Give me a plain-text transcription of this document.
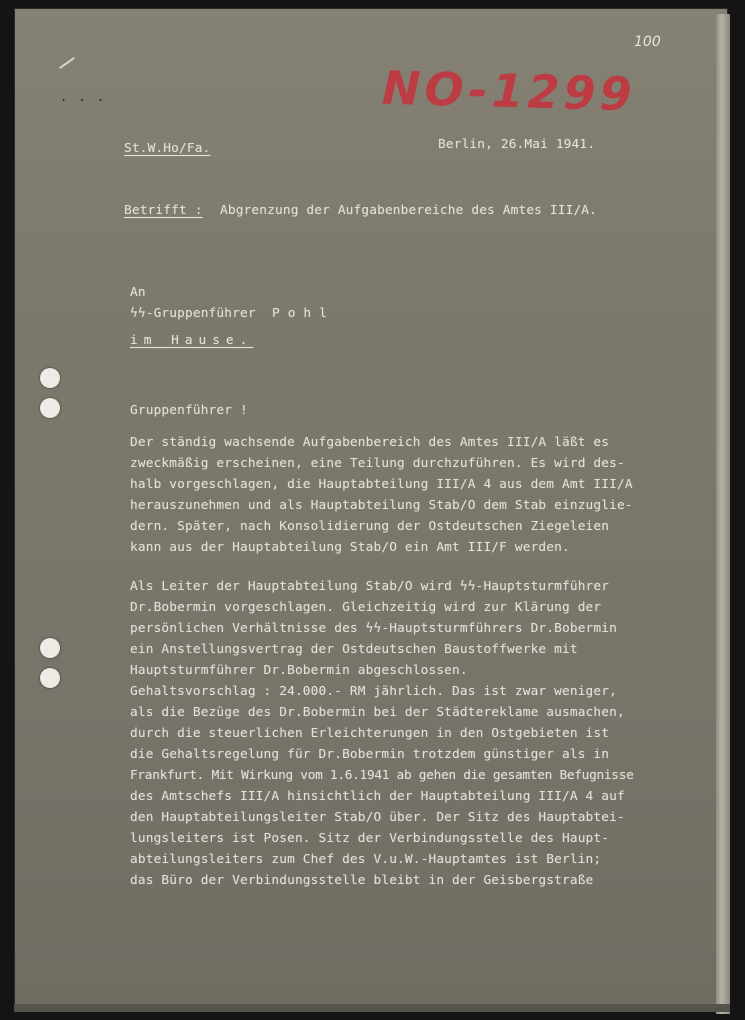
. . .
100
NO-1299
St.W.Ho/Fa.	Berlin, 26.Mai 1941.
Betrifft : Abgrenzung der Aufgabenbereiche des Amtes III/A.
An
ϟϟ-Gruppenführer Pohl
im Hause.
Gruppenführer !
Der ständig wachsende Aufgabenbereich des Amtes III/A läßt es
zweckmäßig erscheinen, eine Teilung durchzuführen. Es wird des-
halb vorgeschlagen, die Hauptabteilung III/A 4 aus dem Amt III/A
herauszunehmen und als Hauptabteilung Stab/O dem Stab einzuglie-
dern. Später, nach Konsolidierung der Ostdeutschen Ziegeleien
kann aus der Hauptabteilung Stab/O ein Amt III/F werden.
Als Leiter der Hauptabteilung Stab/O wird ϟϟ-Hauptsturmführer
Dr.Bobermin vorgeschlagen. Gleichzeitig wird zur Klärung der
persönlichen Verhältnisse des ϟϟ-Hauptsturmführers Dr.Bobermin
ein Anstellungsvertrag der Ostdeutschen Baustoffwerke mit
Hauptsturmführer Dr.Bobermin abgeschlossen.
Gehaltsvorschlag : 24.000.- RM jährlich. Das ist zwar weniger,
als die Bezüge des Dr.Bobermin bei der Städtereklame ausmachen,
durch die steuerlichen Erleichterungen in den Ostgebieten ist
die Gehaltsregelung für Dr.Bobermin trotzdem günstiger als in
Frankfurt. Mit Wirkung vom 1.6.1941 ab gehen die gesamten Befugnisse
des Amtschefs III/A hinsichtlich der Hauptabteilung III/A 4 auf
den Hauptabteilungsleiter Stab/O über. Der Sitz des Hauptabtei-
lungsleiters ist Posen. Sitz der Verbindungsstelle des Haupt-
abteilungsleiters zum Chef des V.u.W.-Hauptamtes ist Berlin;
das Büro der Verbindungsstelle bleibt in der Geisbergstraße
